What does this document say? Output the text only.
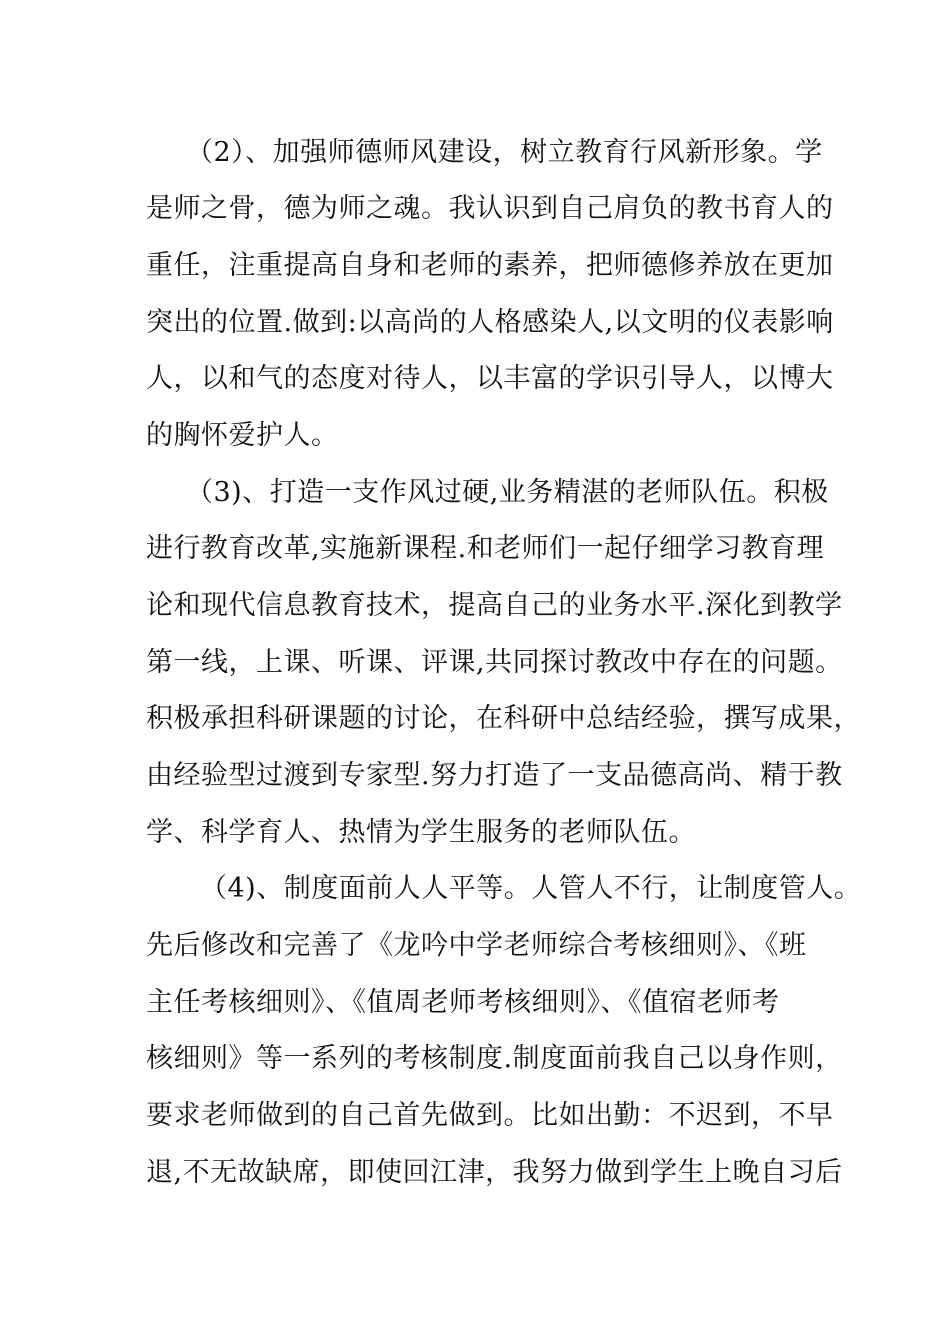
（2）、加强师德师风建设，树立教育行风新形象。学
是师之骨，德为师之魂。我认识到自己肩负的教书育人的
重任，注重提高自身和老师的素养，把师德修养放在更加
突出的位置.做到:以高尚的人格感染人,以文明的仪表影响
人，以和气的态度对待人，以丰富的学识引导人，以博大
的胸怀爱护人。
（3)、打造一支作风过硬,业务精湛的老师队伍。积极
进行教育改革,实施新课程.和老师们一起仔细学习教育理
论和现代信息教育技术，提高自己的业务水平.深化到教学
第一线，上课、听课、评课,共同探讨教改中存在的问题。
积极承担科研课题的讨论，在科研中总结经验，撰写成果，
由经验型过渡到专家型.努力打造了一支品德高尚、精于教
学、科学育人、热情为学生服务的老师队伍。
（4)、制度面前人人平等。人管人不行，让制度管人。
先后修改和完善了《龙吟中学老师综合考核细则》、《班
主任考核细则》、《值周老师考核细则》、《值宿老师考
核细则》等一系列的考核制度.制度面前我自己以身作则，
要求老师做到的自己首先做到。比如出勤：不迟到，不早
退,不无故缺席，即使回江津，我努力做到学生上晚自习后
